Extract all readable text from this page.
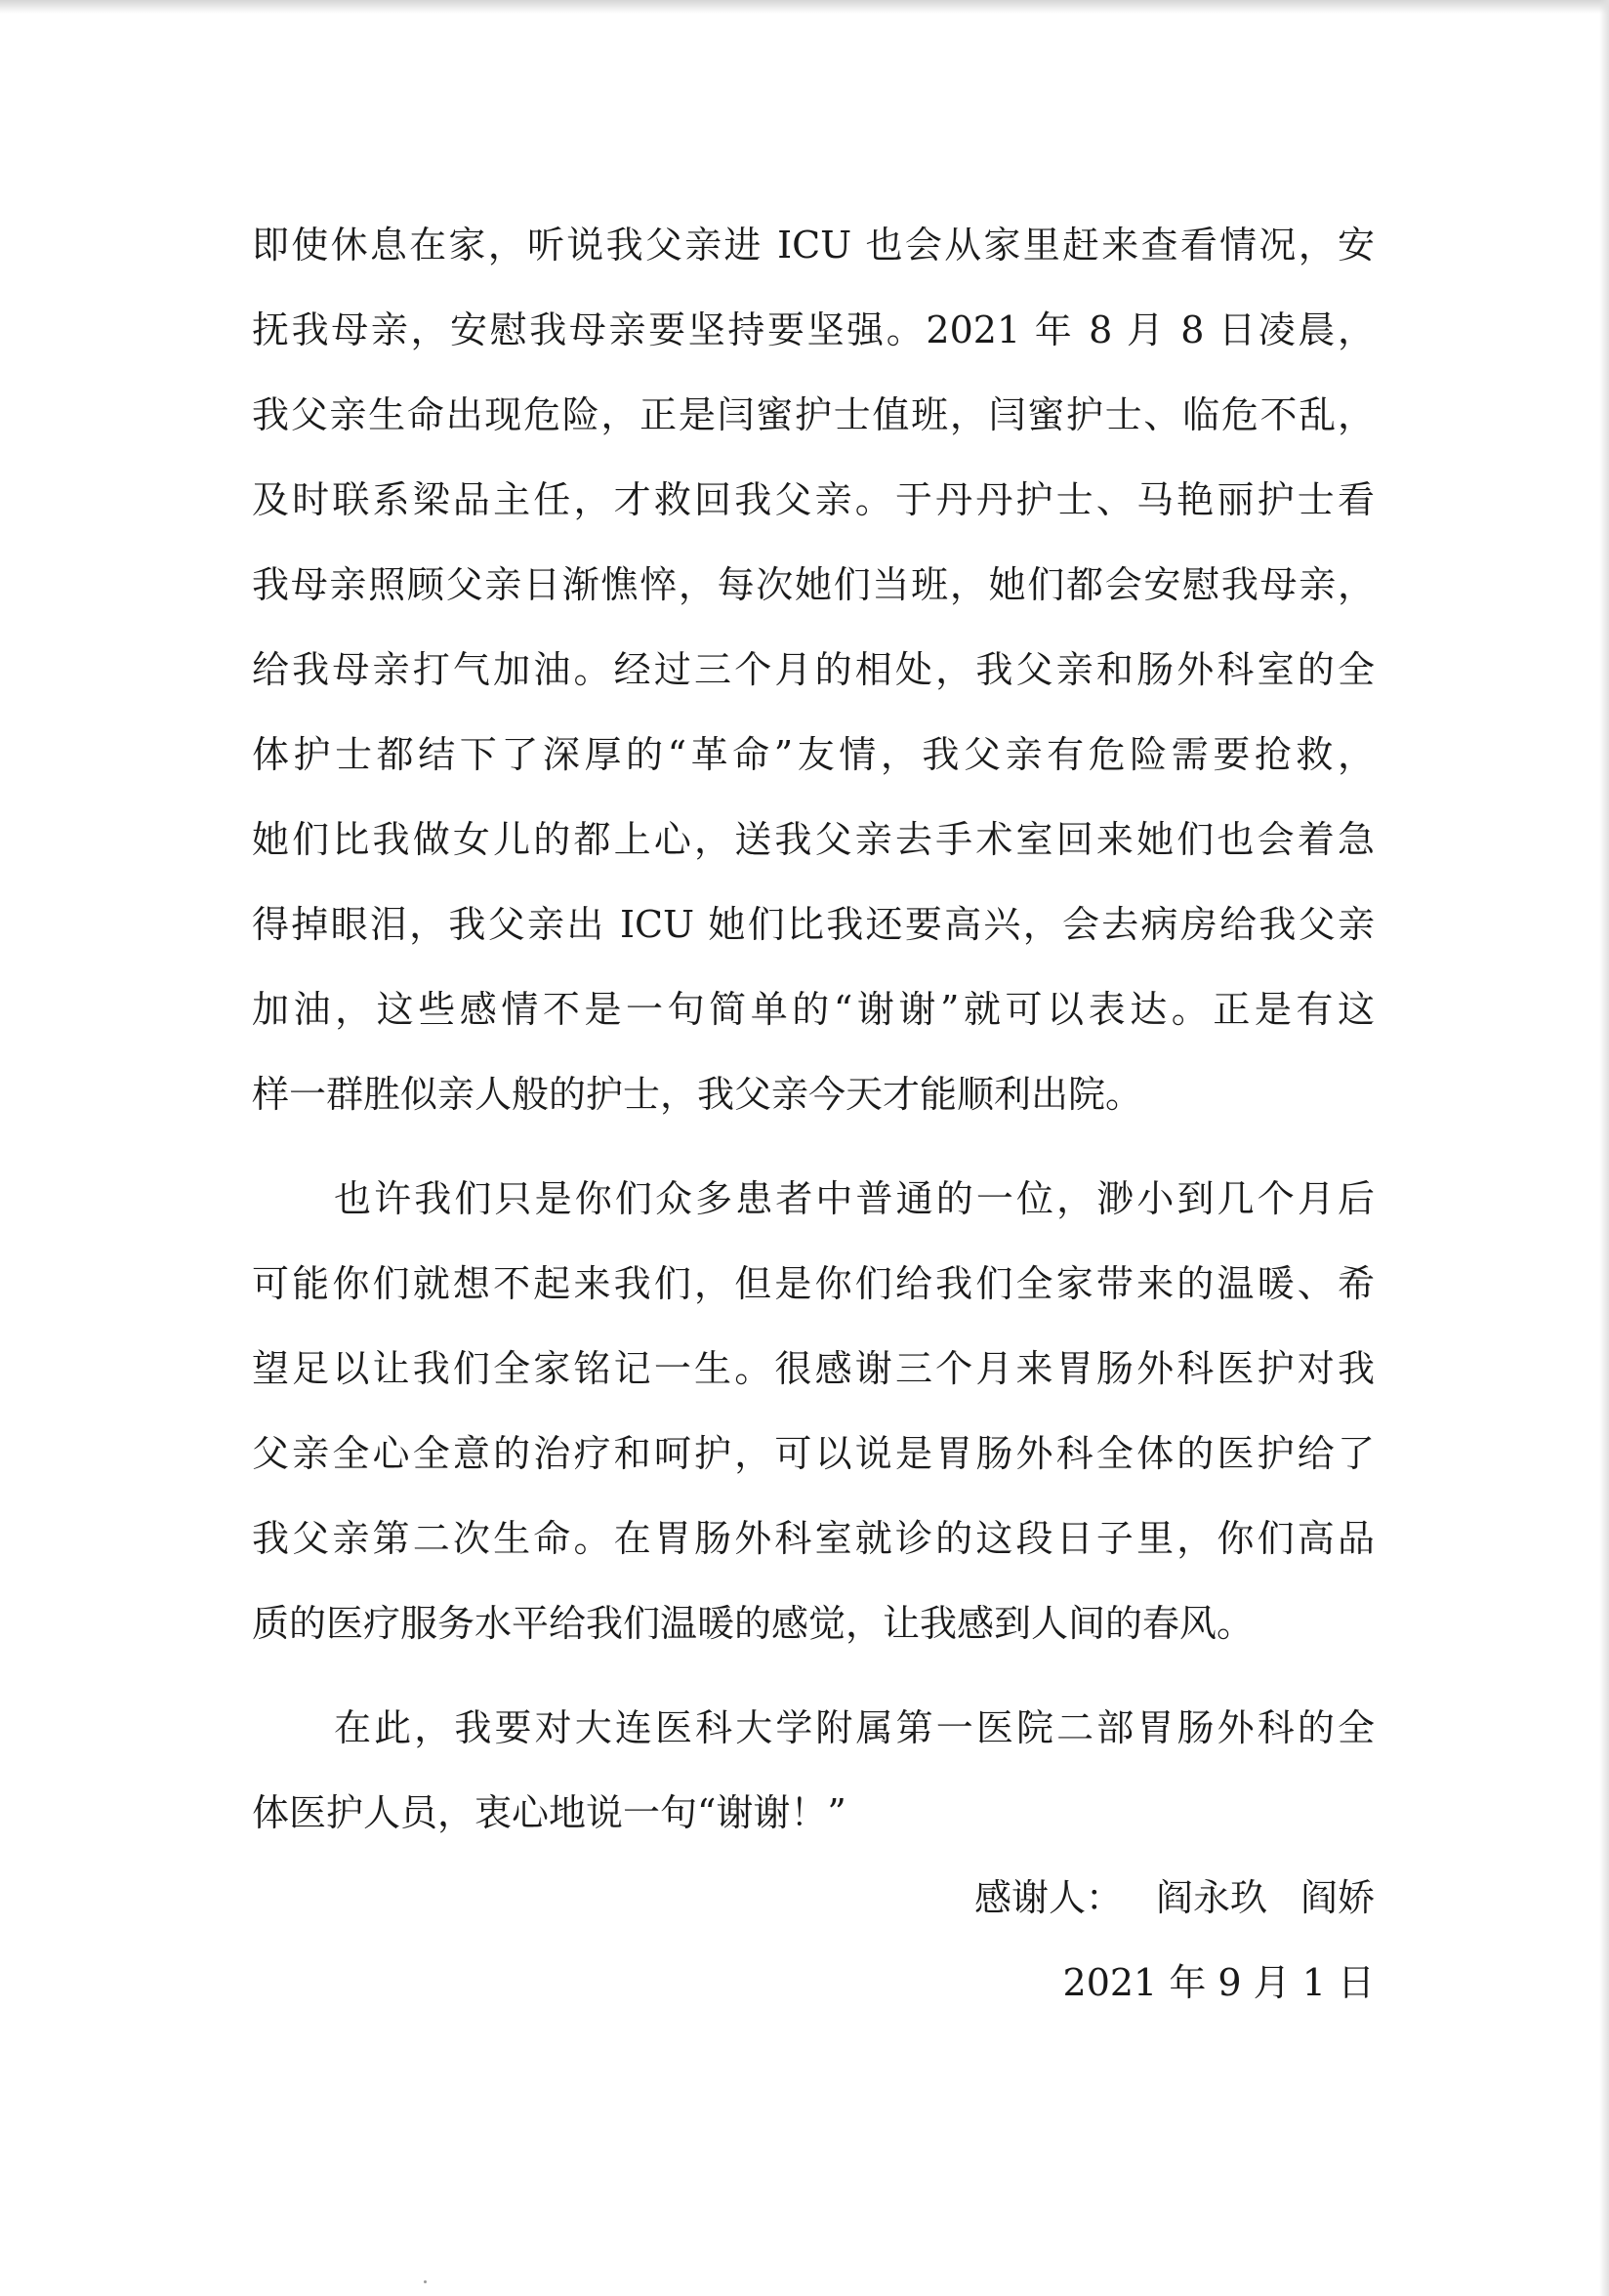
即使休息在家，听说我父亲进 ICU 也会从家里赶来查看情况，安
抚我母亲，安慰我母亲要坚持要坚强。2021 年 8 月 8 日凌晨，
我父亲生命出现危险，正是闫蜜护士值班，闫蜜护士、临危不乱，
及时联系梁品主任，才救回我父亲。于丹丹护士、马艳丽护士看
我母亲照顾父亲日渐憔悴，每次她们当班，她们都会安慰我母亲，
给我母亲打气加油。经过三个月的相处，我父亲和肠外科室的全
体护士都结下了深厚的“革命”友情，我父亲有危险需要抢救，
她们比我做女儿的都上心，送我父亲去手术室回来她们也会着急
得掉眼泪，我父亲出 ICU 她们比我还要高兴，会去病房给我父亲
加油，这些感情不是一句简单的“谢谢”就可以表达。正是有这
样一群胜似亲人般的护士，我父亲今天才能顺利出院。
也许我们只是你们众多患者中普通的一位，渺小到几个月后
可能你们就想不起来我们，但是你们给我们全家带来的温暖、希
望足以让我们全家铭记一生。很感谢三个月来胃肠外科医护对我
父亲全心全意的治疗和呵护，可以说是胃肠外科全体的医护给了
我父亲第二次生命。在胃肠外科室就诊的这段日子里，你们高品
质的医疗服务水平给我们温暖的感觉，让我感到人间的春风。
在此，我要对大连医科大学附属第一医院二部胃肠外科的全
体医护人员，衷心地说一句“谢谢！”
感谢人： 阎永玖 阎娇
2021 年 9 月 1 日
